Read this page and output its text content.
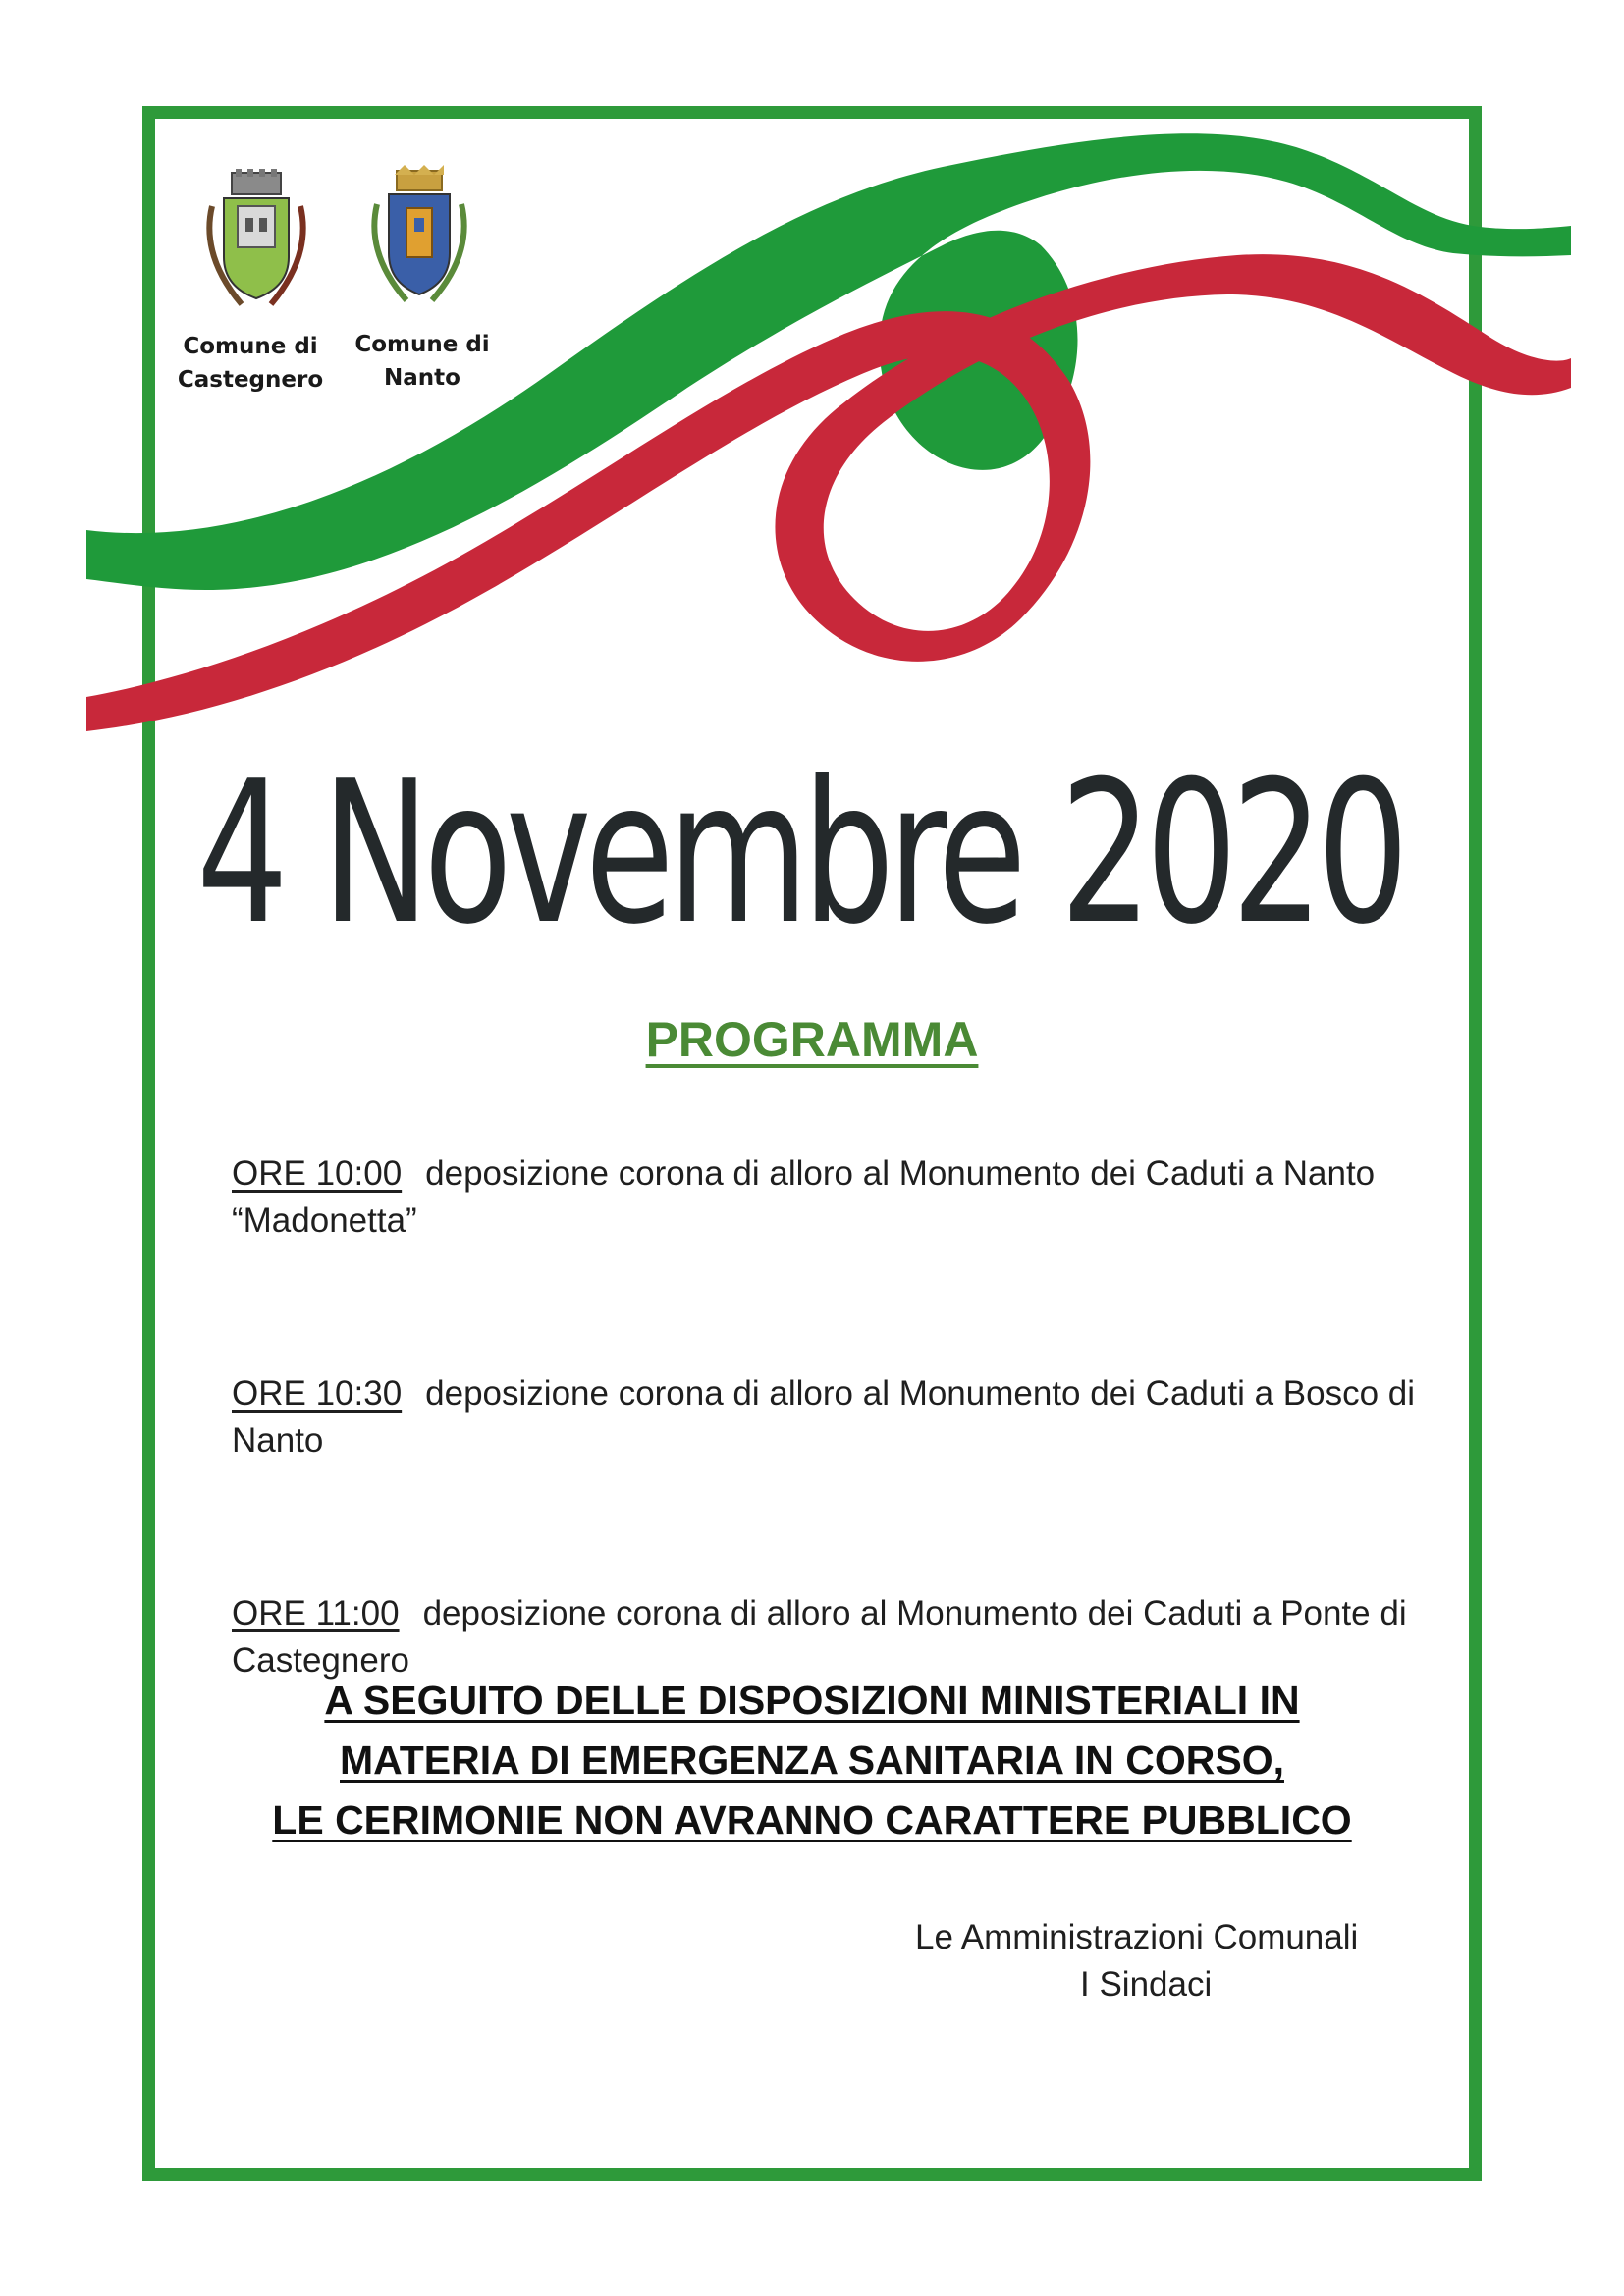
Comune di
Castegnero
Comune di
Nanto
4 Novembre 2020
PROGRAMMA
ORE 10:00 deposizione corona di alloro al Monumento dei Caduti a Nanto “Madonetta”
ORE 10:30 deposizione corona di alloro al Monumento dei Caduti a Bosco di Nanto
ORE 11:00 deposizione corona di alloro al Monumento dei Caduti a Ponte di Castegnero
A SEGUITO DELLE DISPOSIZIONI MINISTERIALI IN
MATERIA DI EMERGENZA SANITARIA IN CORSO,
LE CERIMONIE NON AVRANNO CARATTERE PUBBLICO
Le Amministrazioni Comunali
I Sindaci
